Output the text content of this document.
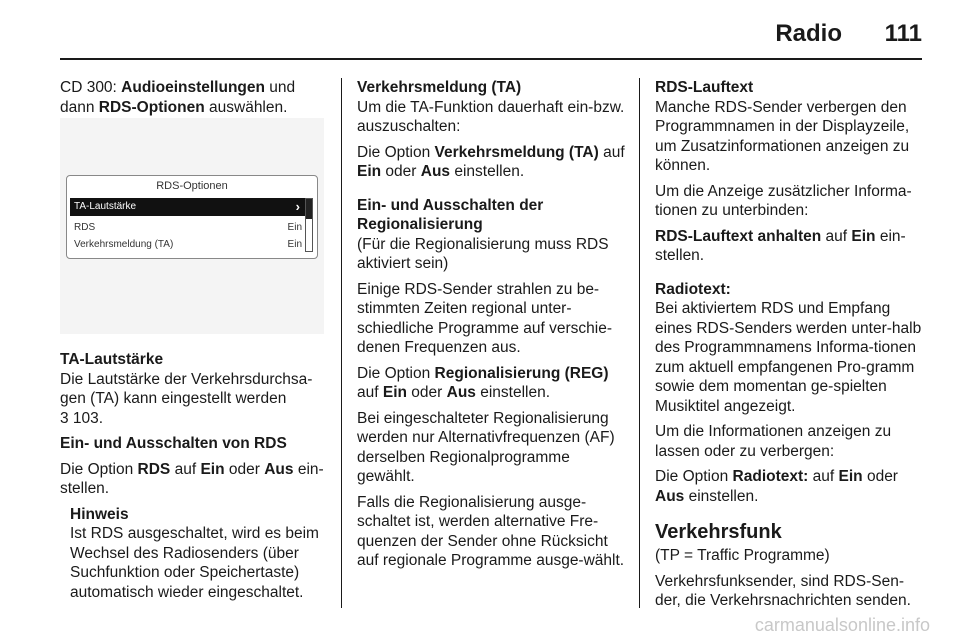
Radio 111

CD 300: Audioeinstellungen und dann RDS-Optionen auswählen.

RDS-Optionen
TA-Lautstärke	›
RDS	Ein
Verkehrsmeldung (TA)	Ein

TA-Lautstärke

Die Lautstärke der Verkehrsdurchsa-gen (TA) kann eingestellt werden
3 103.

Ein- und Ausschalten von RDS

Die Option RDS auf Ein oder Aus ein-stellen.

Hinweis

Ist RDS ausgeschaltet, wird es beim Wechsel des Radiosenders (über Suchfunktion oder Speichertaste) automatisch wieder eingeschaltet.

Verkehrsmeldung (TA)

Um die TA-Funktion dauerhaft ein-bzw. auszuschalten:

Die Option Verkehrsmeldung (TA) auf Ein oder Aus einstellen.

Ein- und Ausschalten der Regionalisierung

(Für die Regionalisierung muss RDS aktiviert sein)

Einige RDS-Sender strahlen zu be-stimmten Zeiten regional unter-schiedliche Programme auf verschie-denen Frequenzen aus.

Die Option Regionalisierung (REG) auf Ein oder Aus einstellen.

Bei eingeschalteter Regionalisierung werden nur Alternativfrequenzen (AF) derselben Regionalprogramme gewählt.

Falls die Regionalisierung ausge-schaltet ist, werden alternative Fre-quenzen der Sender ohne Rücksicht auf regionale Programme ausge-wählt.

RDS-Lauftext

Manche RDS-Sender verbergen den Programmnamen in der Displayzeile, um Zusatzinformationen anzeigen zu können.

Um die Anzeige zusätzlicher Informa-tionen zu unterbinden:

RDS-Lauftext anhalten auf Ein ein-stellen.

Radiotext:

Bei aktiviertem RDS und Empfang eines RDS-Senders werden unter-halb des Programmnamens Informa-tionen zum aktuell empfangenen Pro-gramm sowie dem momentan ge-spielten Musiktitel angezeigt.

Um die Informationen anzeigen zu lassen oder zu verbergen:

Die Option Radiotext: auf Ein oder Aus einstellen.

Verkehrsfunk

(TP = Traffic Programme)

Verkehrsfunksender, sind RDS-Sen-der, die Verkehrsnachrichten senden.

carmanualsonline.info
